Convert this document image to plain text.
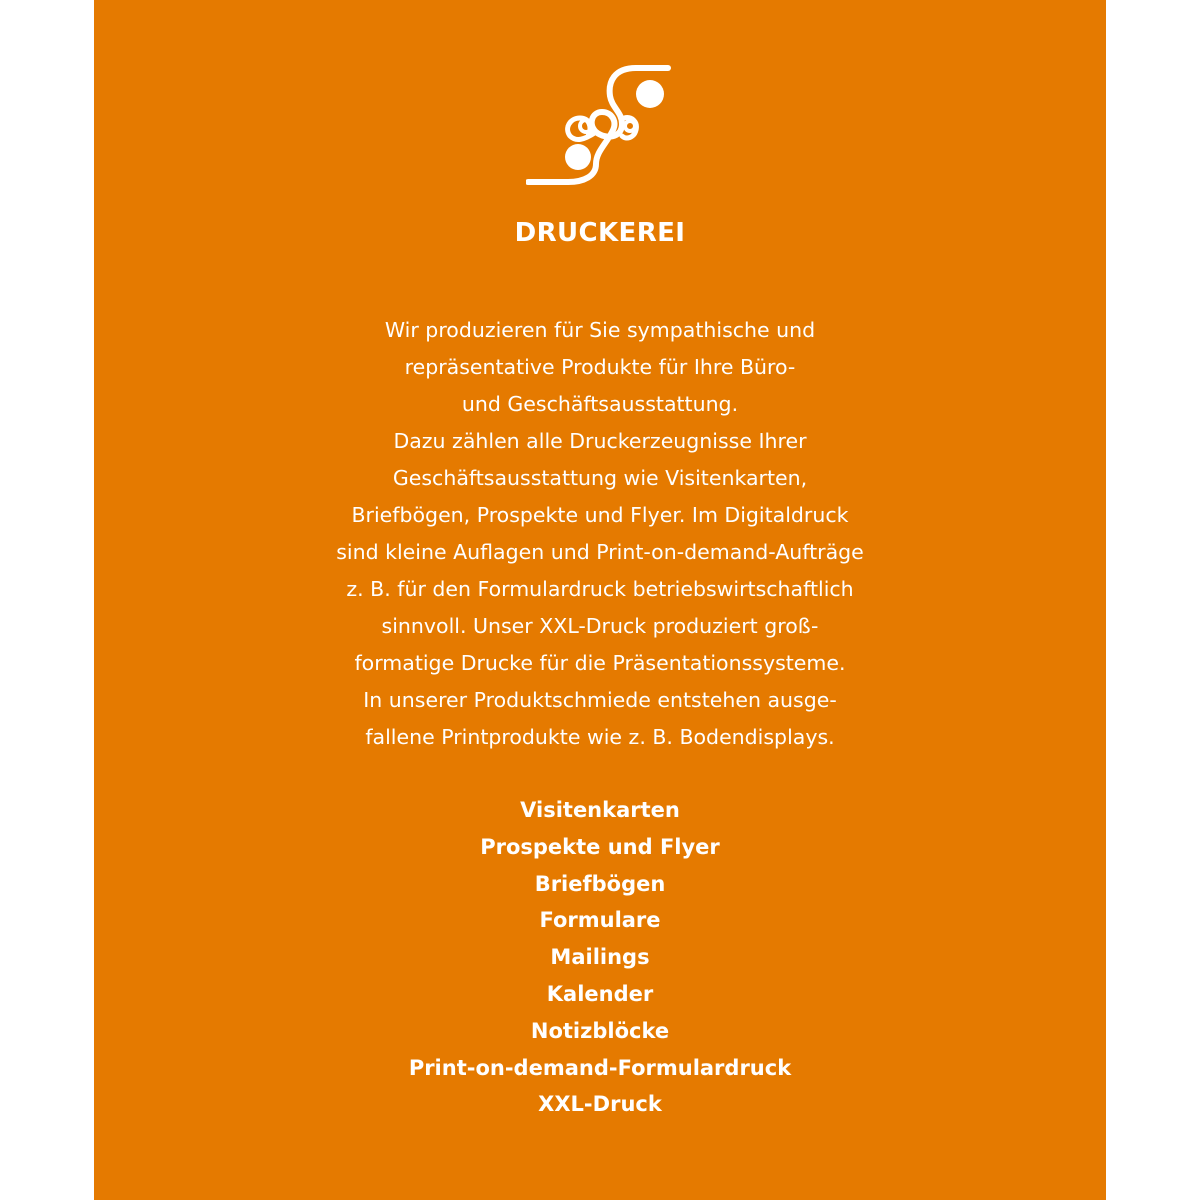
DRUCKEREI
Wir produzieren für Sie sympathische und
repräsentative Produkte für Ihre Büro-
und Geschäftsausstattung.
Dazu zählen alle Druckerzeugnisse Ihrer
Geschäftsausstattung wie Visitenkarten,
Briefbögen, Prospekte und Flyer. Im Digitaldruck
sind kleine Auflagen und Print-on-demand-Aufträge
z. B. für den Formulardruck betriebswirtschaftlich
sinnvoll. Unser XXL-Druck produziert groß-
formatige Drucke für die Präsentationssysteme.
In unserer Produktschmiede entstehen ausge-
fallene Printprodukte wie z. B. Bodendisplays.
Visitenkarten
Prospekte und Flyer
Briefbögen
Formulare
Mailings
Kalender
Notizblöcke
Print-on-demand-Formulardruck
XXL-Druck
